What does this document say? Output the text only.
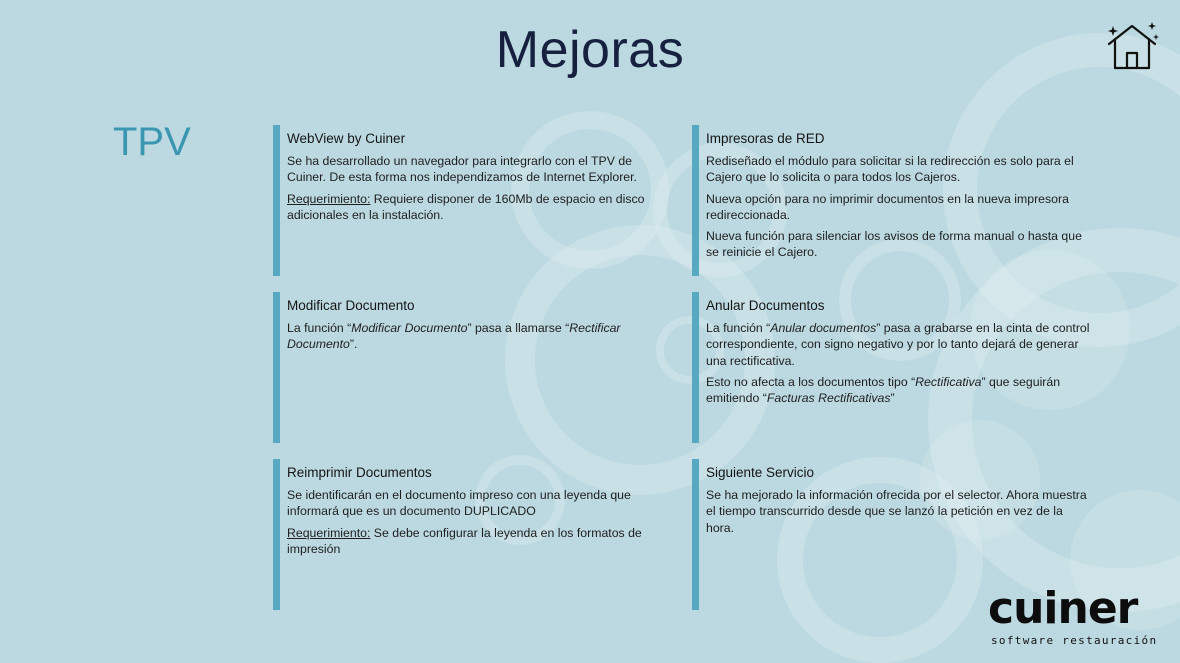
Mejoras
TPV	WebView by Cuiner

Se ha desarrollado un navegador para integrarlo con el TPV de Cuiner. De esta forma nos independizamos de Internet Explorer.

Requerimiento: Requiere disponer de 160Mb de espacio en disco adicionales en la instalación.

Impresoras de RED

Rediseñado el módulo para solicitar si la redirección es solo para el Cajero que lo solicita o para todos los Cajeros.

Nueva opción para no imprimir documentos en la nueva impresora redireccionada.

Nueva función para silenciar los avisos de forma manual o hasta que se reinicie el Cajero.

Modificar Documento

La función “Modificar Documento” pasa a llamarse “Rectificar Documento”.

Anular Documentos

La función “Anular documentos” pasa a grabarse en la cinta de control correspondiente, con signo negativo y por lo tanto dejará de generar una rectificativa.

Esto no afecta a los documentos tipo “Rectificativa” que seguirán emitiendo “Facturas Rectificativas”

Reimprimir Documentos

Se identificarán en el documento impreso con una leyenda que informará que es un documento DUPLICADO

Requerimiento: Se debe configurar la leyenda en los formatos de impresión

Siguiente Servicio

Se ha mejorado la información ofrecida por el selector. Ahora muestra el tiempo transcurrido desde que se lanzó la petición en vez de la hora.

cuiner
software restauración
